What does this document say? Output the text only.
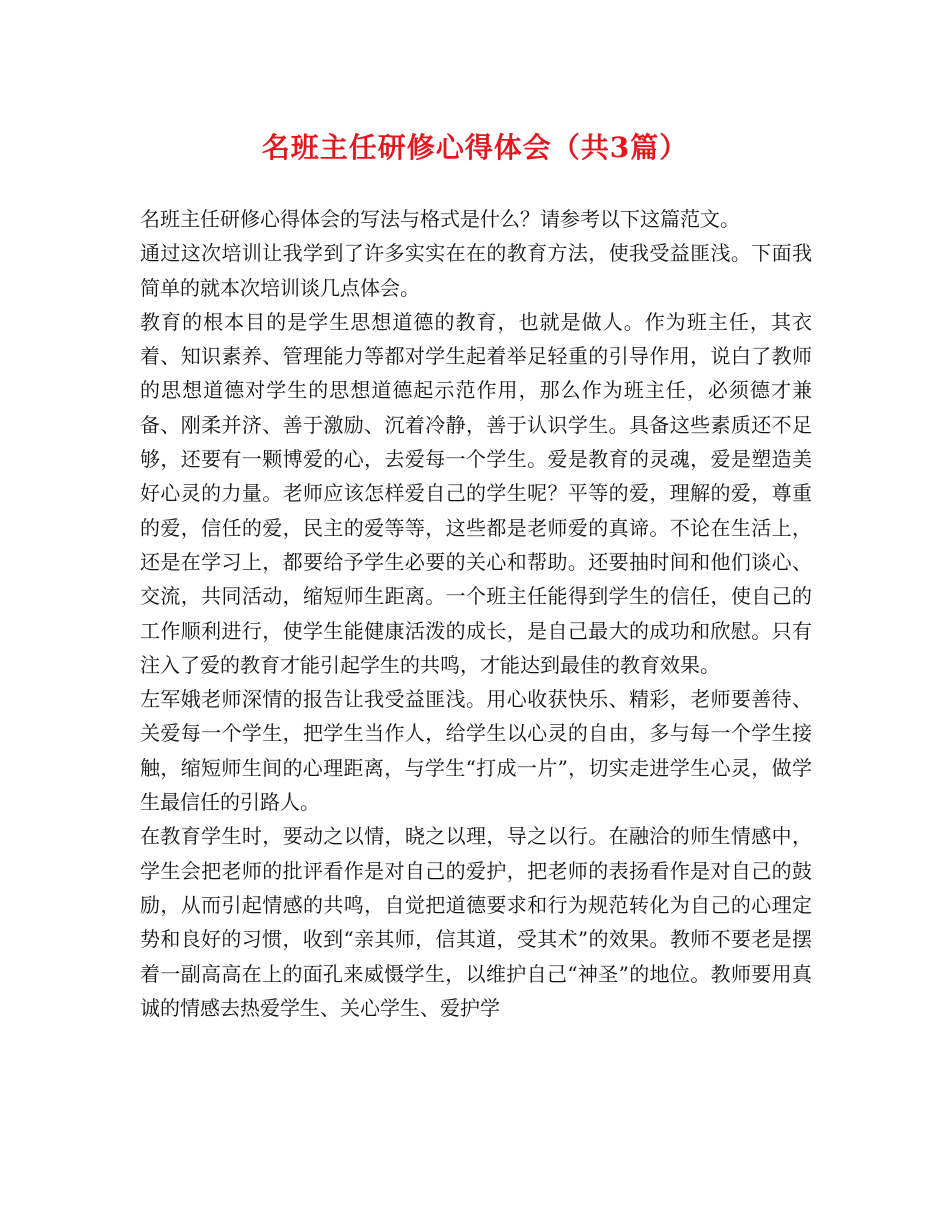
名班主任研修心得体会（共3篇）

名班主任研修心得体会的写法与格式是什么？请参考以下这篇范文。

通过这次培训让我学到了许多实实在在的教育方法，使我受益匪浅。下面我简单的就本次培训谈几点体会。

教育的根本目的是学生思想道德的教育，也就是做人。作为班主任，其衣着、知识素养、管理能力等都对学生起着举足轻重的引导作用，说白了教师的思想道德对学生的思想道德起示范作用，那么作为班主任，必须德才兼备、刚柔并济、善于激励、沉着冷静，善于认识学生。具备这些素质还不足够，还要有一颗博爱的心，去爱每一个学生。爱是教育的灵魂，爱是塑造美好心灵的力量。老师应该怎样爱自己的学生呢？平等的爱，理解的爱，尊重的爱，信任的爱，民主的爱等等，这些都是老师爱的真谛。不论在生活上，还是在学习上，都要给予学生必要的关心和帮助。还要抽时间和他们谈心、交流，共同活动，缩短师生距离。一个班主任能得到学生的信任，使自己的工作顺利进行，使学生能健康活泼的成长，是自己最大的成功和欣慰。只有注入了爱的教育才能引起学生的共鸣，才能达到最佳的教育效果。

左军娥老师深情的报告让我受益匪浅。用心收获快乐、精彩，老师要善待、关爱每一个学生，把学生当作人，给学生以心灵的自由，多与每一个学生接触，缩短师生间的心理距离，与学生“打成一片”，切实走进学生心灵，做学生最信任的引路人。

在教育学生时，要动之以情，晓之以理，导之以行。在融洽的师生情感中，学生会把老师的批评看作是对自己的爱护，把老师的表扬看作是对自己的鼓励，从而引起情感的共鸣，自觉把道德要求和行为规范转化为自己的心理定势和良好的习惯，收到“亲其师，信其道，受其术”的效果。教师不要老是摆着一副高高在上的面孔来威慑学生，以维护自己“神圣”的地位。教师要用真诚的情感去热爱学生、关心学生、爱护学
